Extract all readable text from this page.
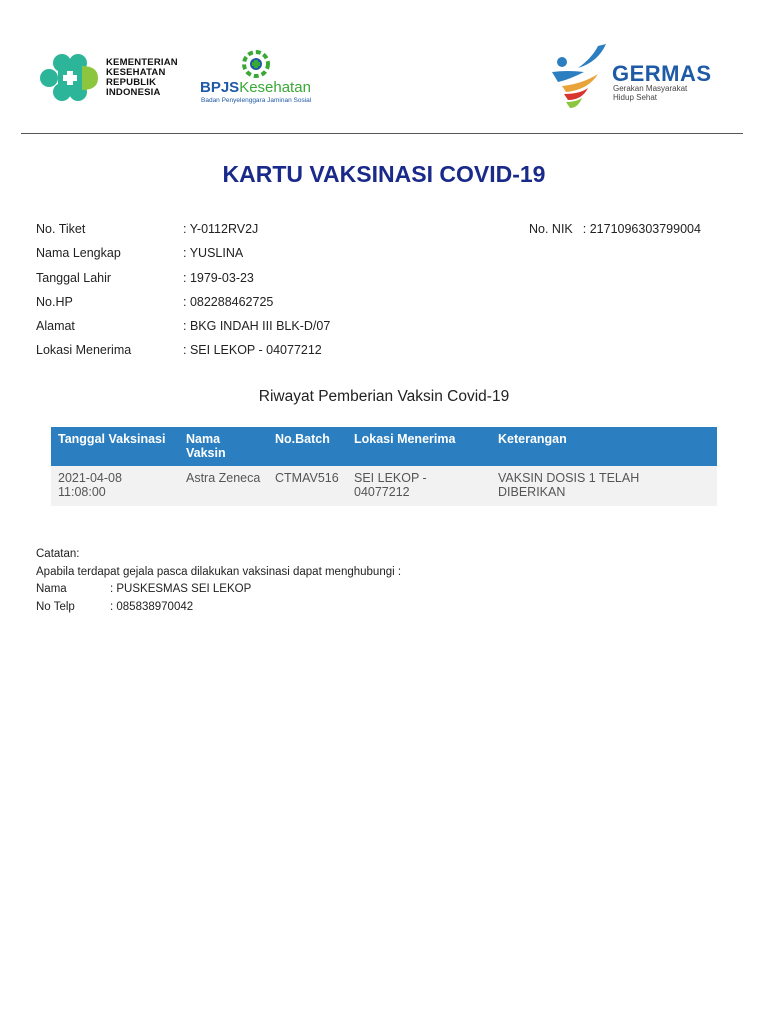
KEMENTERIAN
KESEHATAN
REPUBLIK
INDONESIA	BPJSKesehatan
Badan Penyelenggara Jaminan Sosial
GERMAS
Gerakan Masyarakat
Hidup Sehat
KARTU VAKSINASI COVID-19
No. Tiket	: Y-0112RV2J
Nama Lengkap	: YUSLINA
Tanggal Lahir	: 1979-03-23
No.HP	: 082288462725
Alamat	: BKG INDAH III BLK-D/07
Lokasi Menerima	: SEI LEKOP - 04077212
No. NIK : 2171096303799004
Riwayat Pemberian Vaksin Covid-19
Tanggal Vaksinasi	Nama Vaksin	No.Batch	Lokasi Menerima	Keterangan
2021-04-08 11:08:00	Astra Zeneca	CTMAV516	SEI LEKOP - 04077212	VAKSIN DOSIS 1 TELAH DIBERIKAN
Catatan:
Apabila terdapat gejala pasca dilakukan vaksinasi dapat menghubungi :
Nama	: PUSKESMAS SEI LEKOP
No Telp	: 085838970042
